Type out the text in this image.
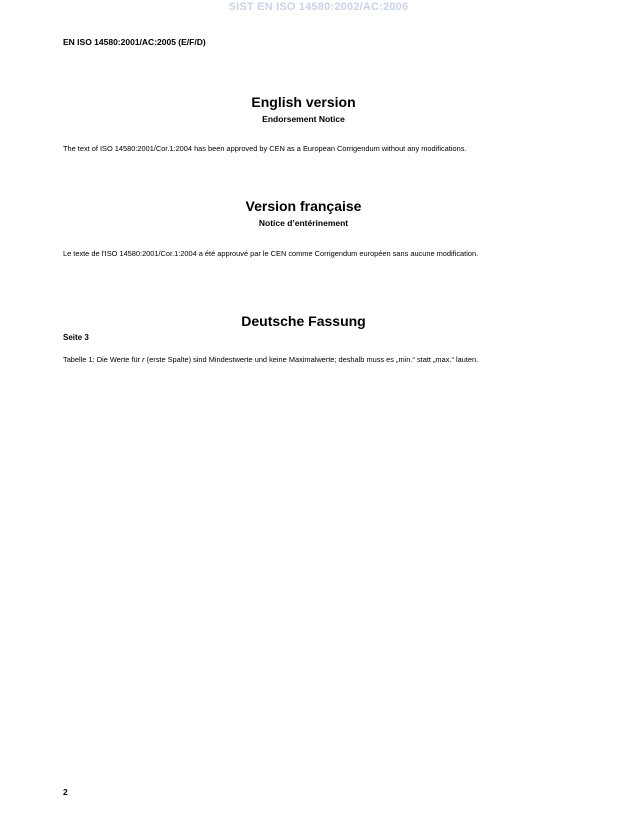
SIST EN ISO 14580:2002/AC:2006
EN ISO 14580:2001/AC:2005 (E/F/D)
English version
Endorsement Notice

The text of ISO 14580:2001/Cor.1:2004 has been approved by CEN as a European Corrigendum without any modifications.

Version française
Notice d’entérinement

Le texte de l'ISO 14580:2001/Cor.1:2004 a été approuvé par le CEN comme Corrigendum européen sans aucune modification.

Deutsche Fassung
Seite 3

Tabelle 1: Die Werte für r (erste Spalte) sind Mindestwerte und keine Maximalwerte; deshalb muss es „min.“ statt „max.“ lauten.

2
